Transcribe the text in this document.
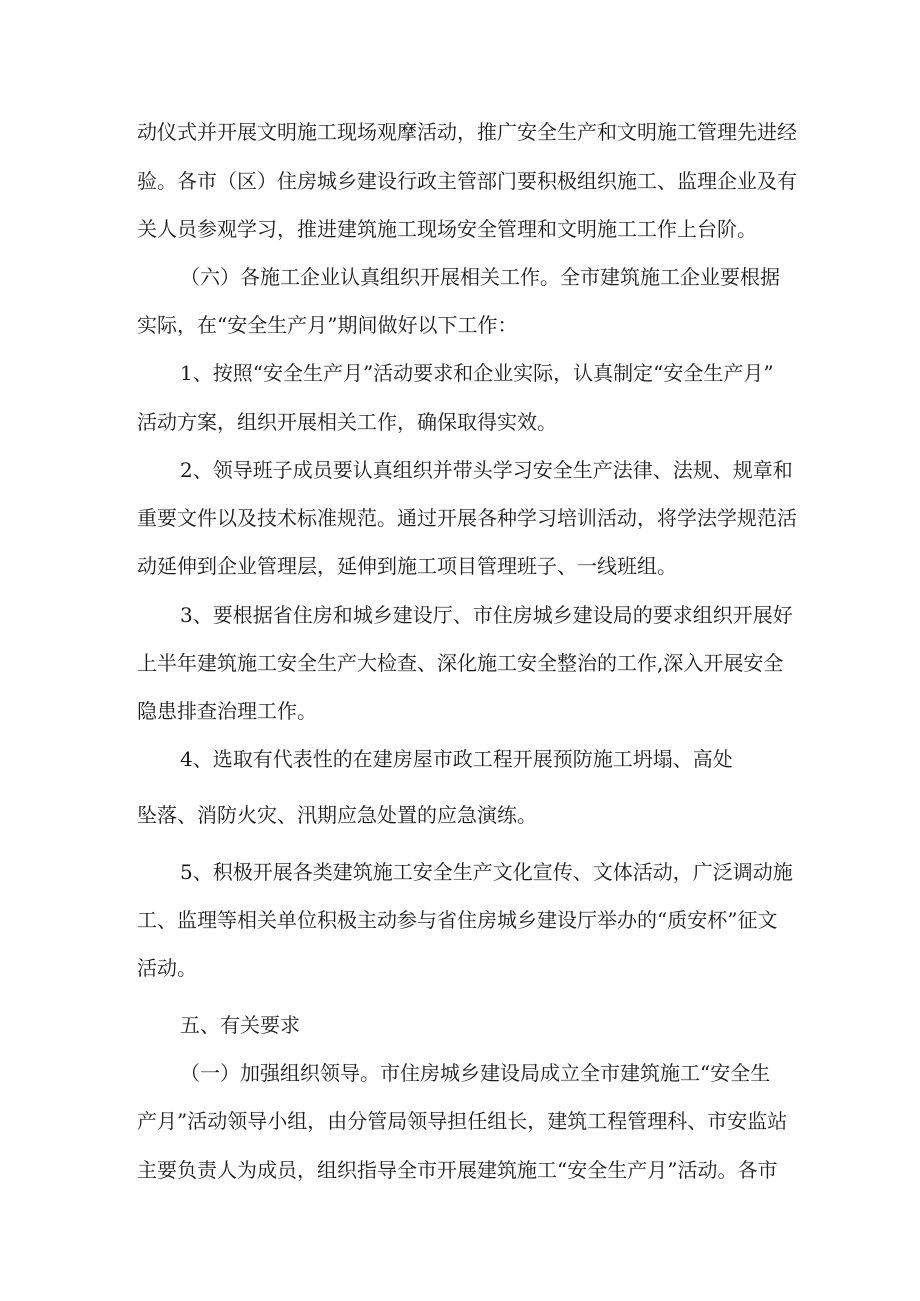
动仪式并开展文明施工现场观摩活动，推广安全生产和文明施工管理先进经
验。各市（区）住房城乡建设行政主管部门要积极组织施工、监理企业及有
关人员参观学习，推进建筑施工现场安全管理和文明施工工作上台阶。
（六）各施工企业认真组织开展相关工作。全市建筑施工企业要根据
实际，在“安全生产月”期间做好以下工作：
1、按照“安全生产月”活动要求和企业实际，认真制定“安全生产月”
活动方案，组织开展相关工作，确保取得实效。
2、领导班子成员要认真组织并带头学习安全生产法律、法规、规章和
重要文件以及技术标准规范。通过开展各种学习培训活动，将学法学规范活
动延伸到企业管理层，延伸到施工项目管理班子、一线班组。
3、要根据省住房和城乡建设厅、市住房城乡建设局的要求组织开展好
上半年建筑施工安全生产大检查、深化施工安全整治的工作,深入开展安全
隐患排查治理工作。
4、选取有代表性的在建房屋市政工程开展预防施工坍塌、高处
坠落、消防火灾、汛期应急处置的应急演练。
5、积极开展各类建筑施工安全生产文化宣传、文体活动，广泛调动施
工、监理等相关单位积极主动参与省住房城乡建设厅举办的“质安杯”征文
活动。
五、有关要求
（一）加强组织领导。市住房城乡建设局成立全市建筑施工“安全生
产月”活动领导小组，由分管局领导担任组长，建筑工程管理科、市安监站
主要负责人为成员，组织指导全市开展建筑施工“安全生产月”活动。各市
